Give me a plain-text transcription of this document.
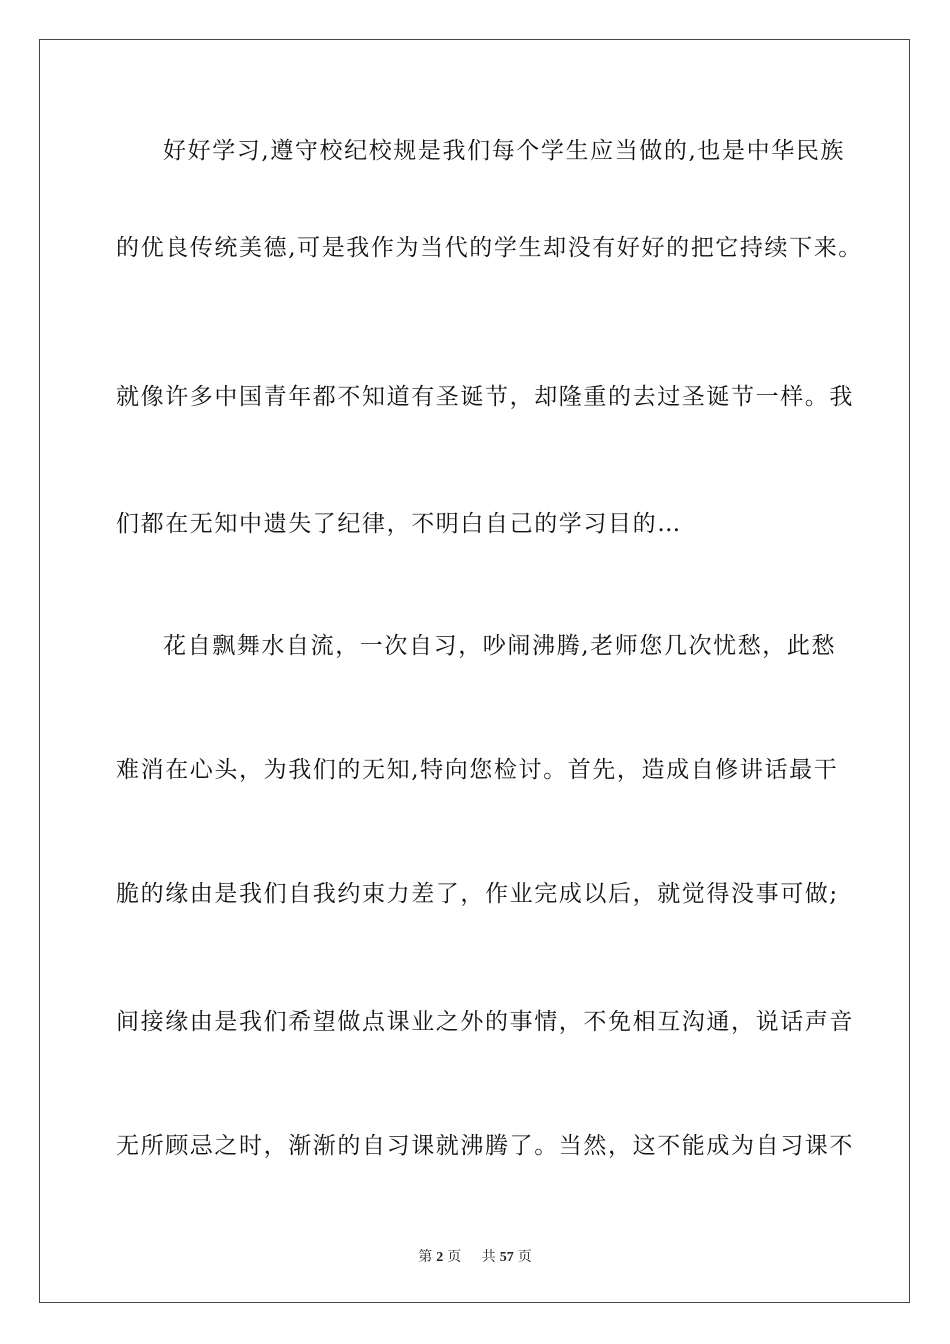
好好学习,遵守校纪校规是我们每个学生应当做的,也是中华民族
的优良传统美德,可是我作为当代的学生却没有好好的把它持续下来。
就像许多中国青年都不知道有圣诞节，却隆重的去过圣诞节一样。我
们都在无知中遗失了纪律，不明白自己的学习目的…
花自飘舞水自流，一次自习，吵闹沸腾,老师您几次忧愁，此愁
难消在心头，为我们的无知,特向您检讨。首先，造成自修讲话最干
脆的缘由是我们自我约束力差了，作业完成以后，就觉得没事可做;
间接缘由是我们希望做点课业之外的事情，不免相互沟通，说话声音
无所顾忌之时，渐渐的自习课就沸腾了。当然，这不能成为自习课不
第 2 页 共 57 页
